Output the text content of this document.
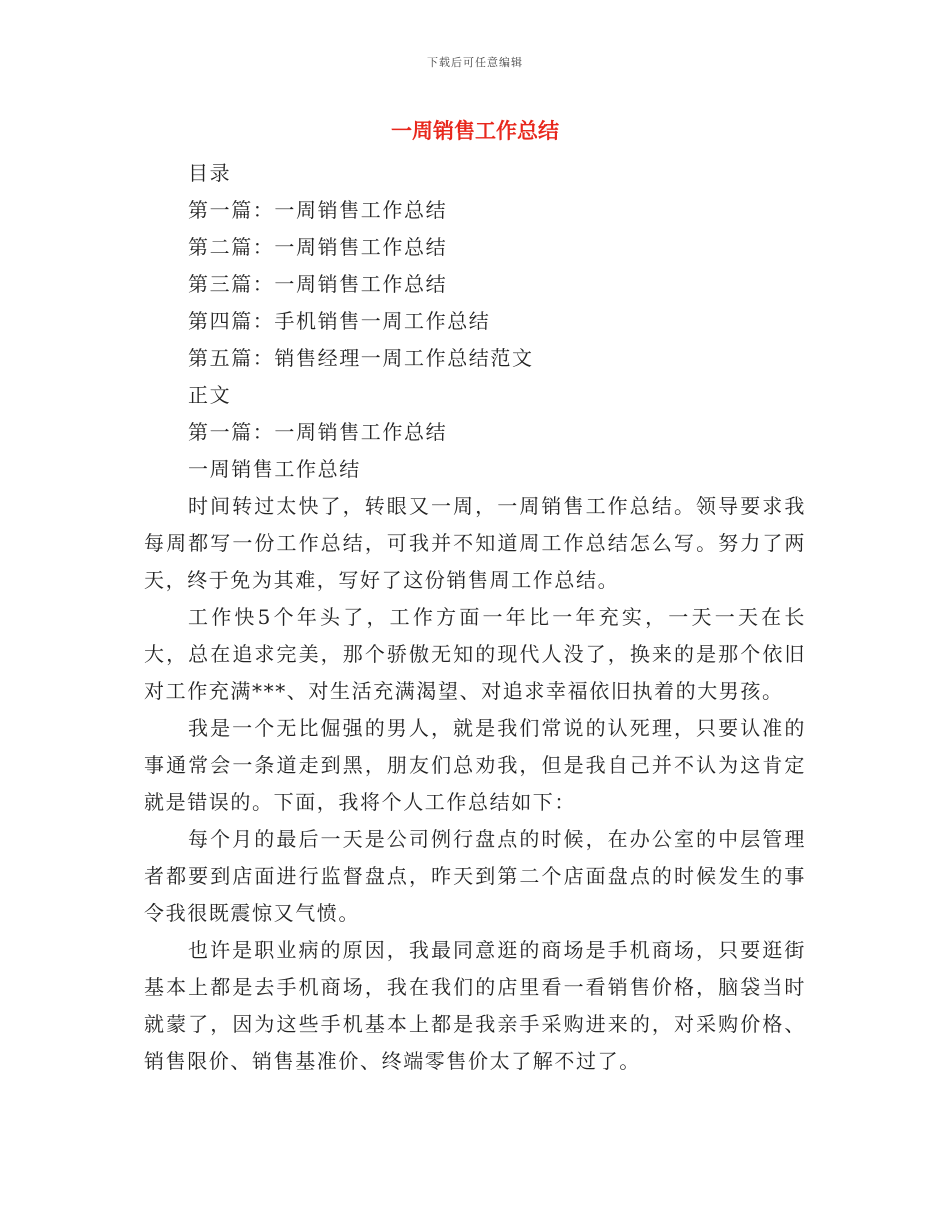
下载后可任意编辑
一周销售工作总结

目录

第一篇：一周销售工作总结

第二篇：一周销售工作总结

第三篇：一周销售工作总结

第四篇：手机销售一周工作总结

第五篇：销售经理一周工作总结范文

正文

第一篇：一周销售工作总结

一周销售工作总结

时间转过太快了，转眼又一周，一周销售工作总结。领导要求我每周都写一份工作总结，可我并不知道周工作总结怎么写。努力了两天，终于免为其难，写好了这份销售周工作总结。

工作快5个年头了，工作方面一年比一年充实，一天一天在长大，总在追求完美，那个骄傲无知的现代人没了，换来的是那个依旧对工作充满***、对生活充满渴望、对追求幸福依旧执着的大男孩。

我是一个无比倔强的男人，就是我们常说的认死理，只要认准的事通常会一条道走到黑，朋友们总劝我，但是我自己并不认为这肯定就是错误的。下面，我将个人工作总结如下：

每个月的最后一天是公司例行盘点的时候，在办公室的中层管理者都要到店面进行监督盘点，昨天到第二个店面盘点的时候发生的事令我很既震惊又气愤。

也许是职业病的原因，我最同意逛的商场是手机商场，只要逛街基本上都是去手机商场，我在我们的店里看一看销售价格，脑袋当时就蒙了，因为这些手机基本上都是我亲手采购进来的，对采购价格、销售限价、销售基准价、终端零售价太了解不过了。
